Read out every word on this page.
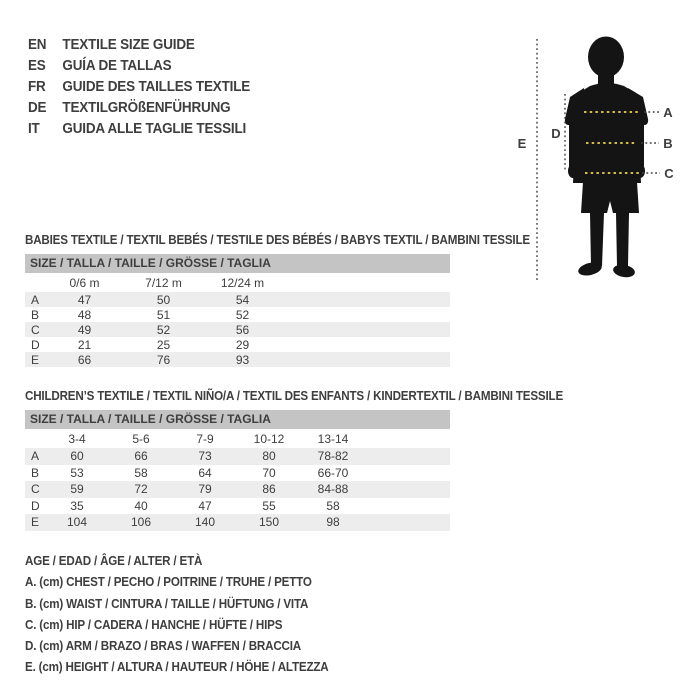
EN	TEXTILE SIZE GUIDE
ES	GUÍA DE TALLAS
FR	GUIDE DES TAILLES TEXTILE
DE	TEXTILGRÖßENFÜHRUNG
IT	GUIDA ALLE TAGLIE TESSILI
A
B
C
D
E
BABIES TEXTILE / TEXTIL BEBÉS / TESTILE DES BÉBÉS / BABYS TEXTIL / BAMBINI TESSILE
SIZE / TALLA / TAILLE / GRÖSSE / TAGLIA				
	0/6 m	7/12 m	12/24 m	
A	47	50	54	
B	48	51	52	
C	49	52	56	
D	21	25	29	
E	66	76	93	
CHILDREN’S TEXTILE / TEXTIL NIÑO/A / TEXTIL DES ENFANTS / KINDERTEXTIL / BAMBINI TESSILE
SIZE / TALLA / TAILLE / GRÖSSE / TAGLIA						
	3-4	5-6	7-9	10-12	13-14	
A	60	66	73	80	78-82	
B	53	58	64	70	66-70	
C	59	72	79	86	84-88	
D	35	40	47	55	58	
E	104	106	140	150	98	
AGE / EDAD / ÂGE / ALTER / ETÀ
A. (cm) CHEST / PECHO / POITRINE / TRUHE / PETTO
B. (cm) WAIST / CINTURA / TAILLE / HÜFTUNG / VITA
C. (cm) HIP / CADERA / HANCHE / HÜFTE / HIPS
D. (cm) ARM / BRAZO / BRAS / WAFFEN / BRACCIA
E. (cm) HEIGHT / ALTURA / HAUTEUR / HÖHE / ALTEZZA
